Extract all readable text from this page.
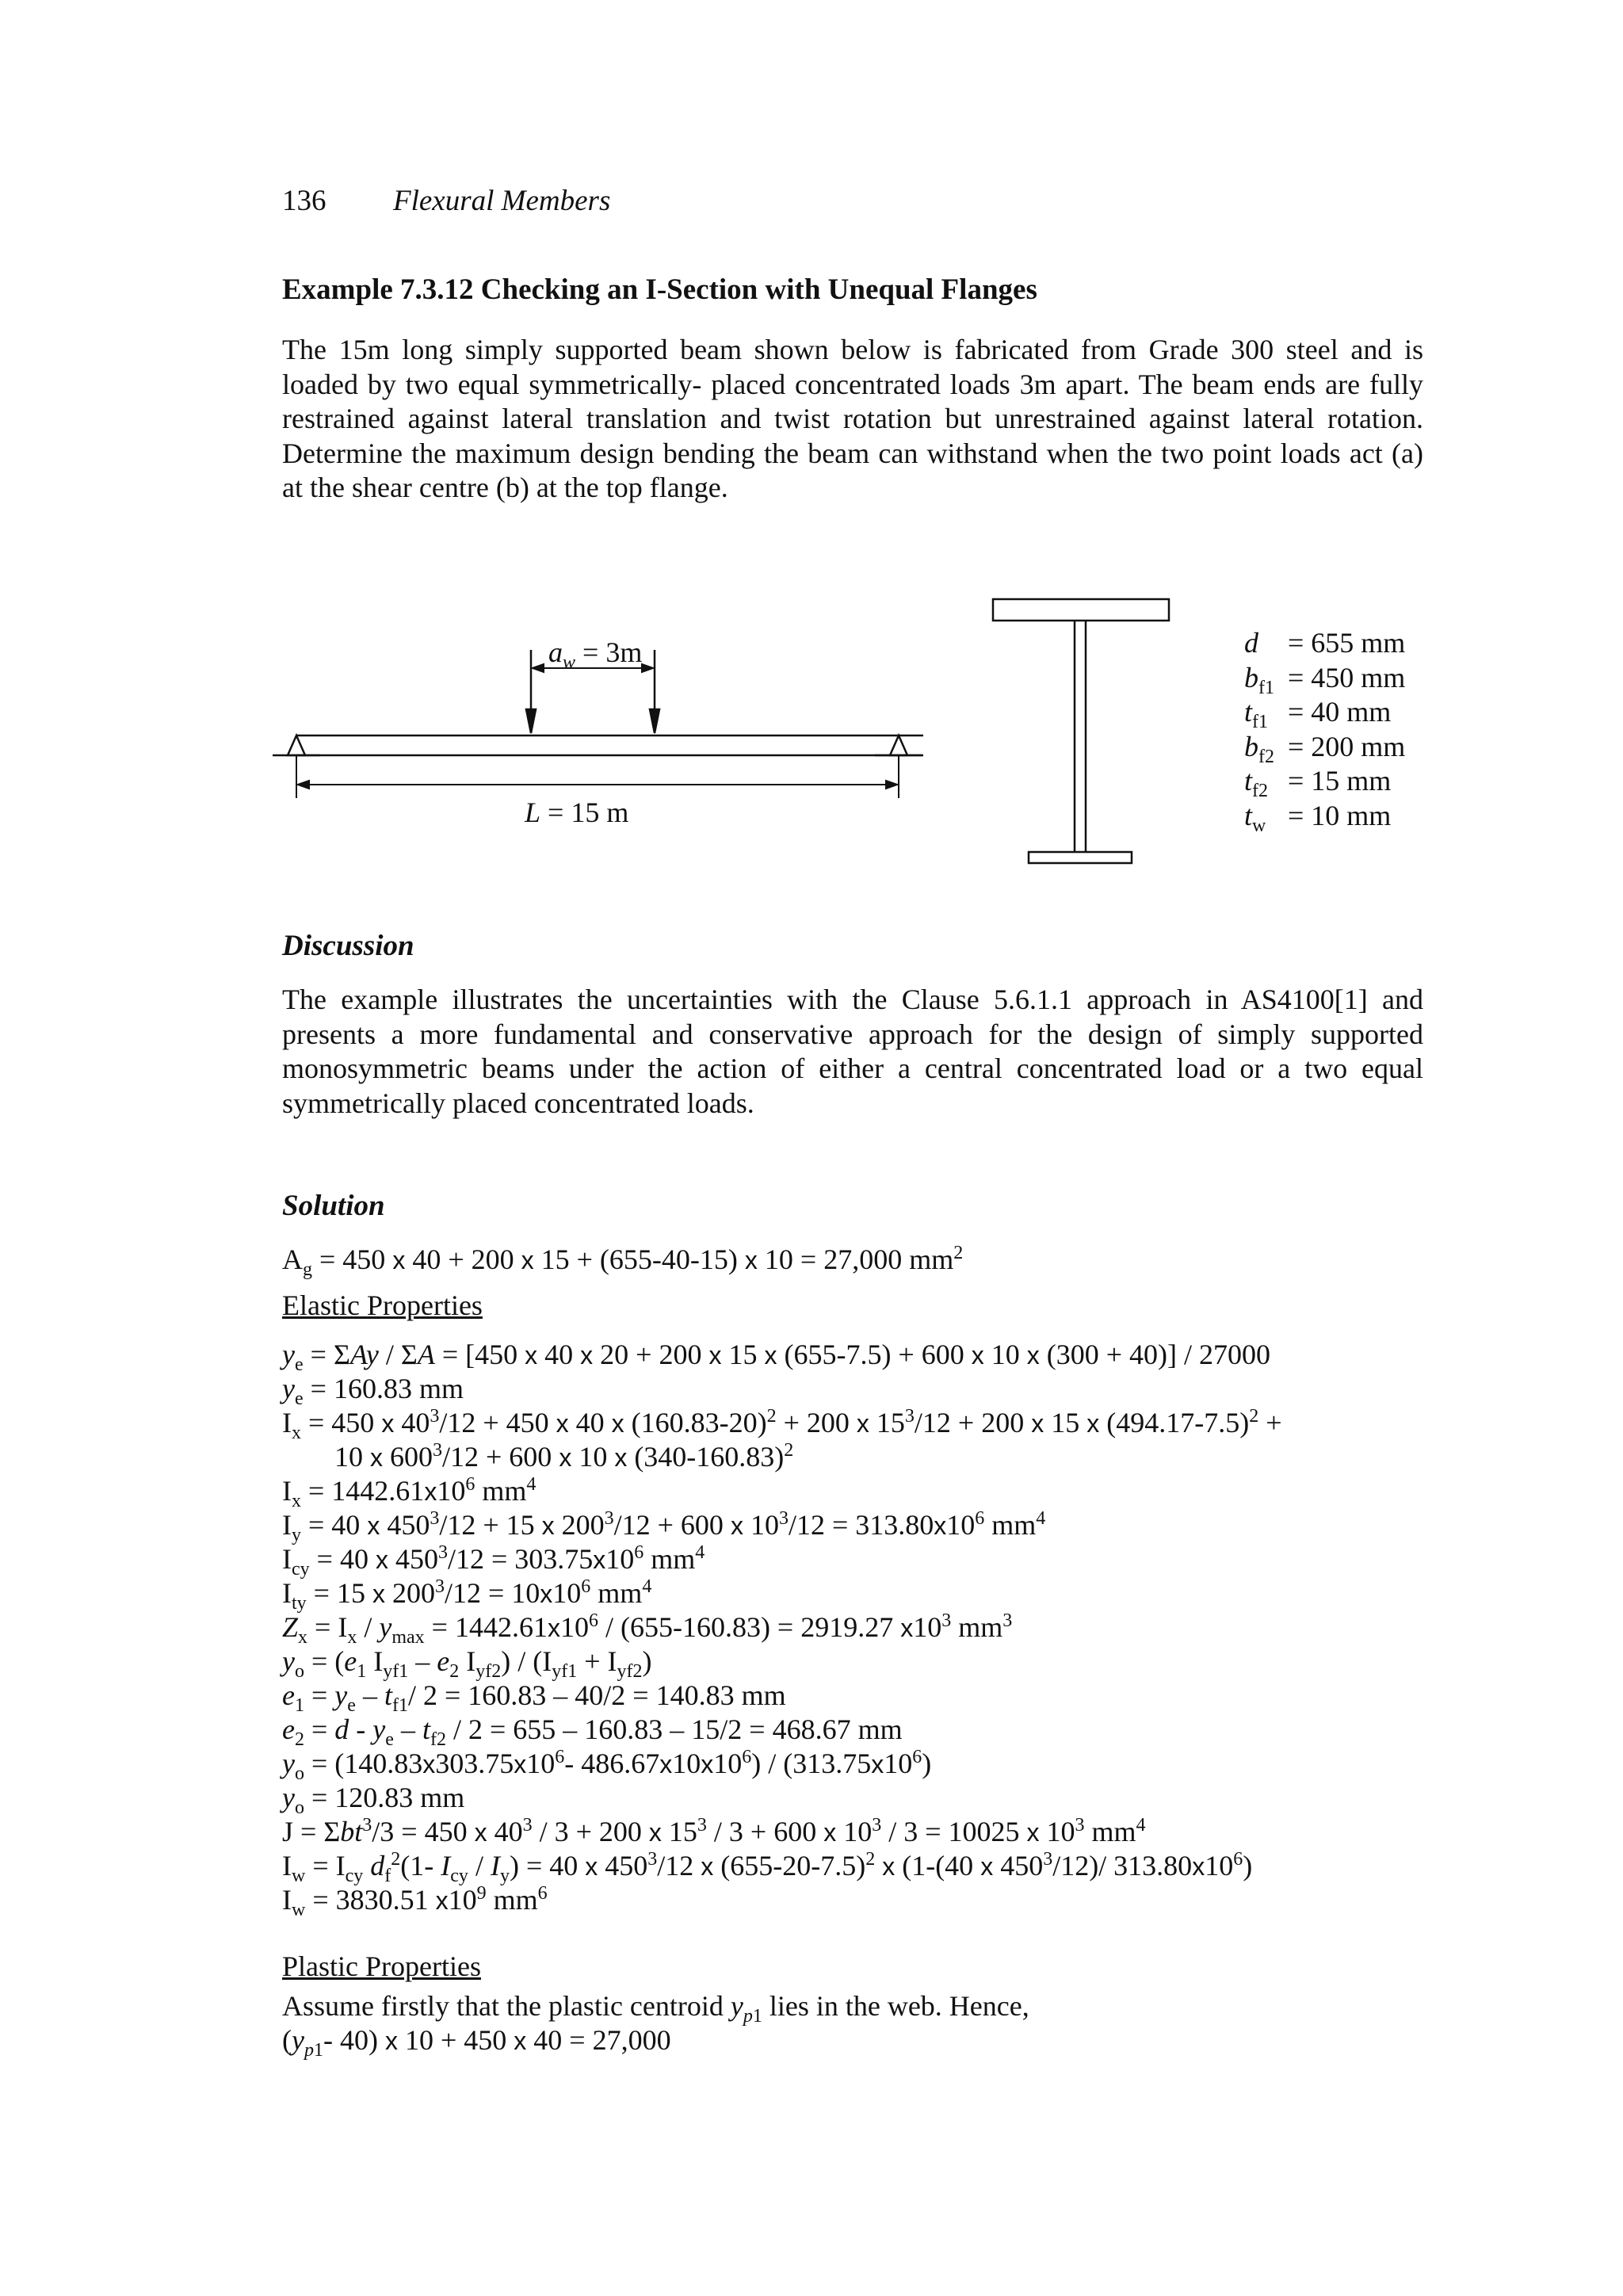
136 Flexural Members
Example 7.3.12 Checking an I-Section with Unequal Flanges
The 15m long simply supported beam shown below is fabricated from Grade 300 steel and is loaded by two equal symmetrically- placed concentrated loads 3m apart. The beam ends are fully restrained against lateral translation and twist rotation but unrestrained against lateral rotation. Determine the maximum design bending the beam can withstand when the two point loads act (a) at the shear centre (b) at the top flange.
$a_w = 3m$
L = 15 m
d = 655 mm
$b_{f1} = 450$ mm
$t_{f1} = 40$ mm
$b_{f2} = 200$ mm
$t_{f2} = 15$ mm
$t_w = 10$ mm
Discussion
The example illustrates the uncertainties with the Clause 5.6.1.1 approach in AS4100[1] and presents a more fundamental and conservative approach for the design of simply supported monosymmetric beams under the action of either a central concentrated load or a two equal symmetrically placed concentrated loads.
Solution
$A_g = 450$ x 40 + 200 x 15 + (655-40-15) x 10 = 27,000 $mm^2$
Elastic Properties
$y_e = \Sigma Ay / \Sigma A = [450$ x 40 x 20 + 200 x 15 x (655-7.5) + 600 x 10 x (300 + 40)] / 27000
$y_e = 160.83$ mm
$I_x = 450$ x $40^3/12 + 450$ x 40 x $(160.83-20)^2 + 200$ x $15^3/12 + 200$ x 15 x $(494.17-7.5)^2$ +
10 x $600^3/12 + 600$ x 10 x $(340-160.83)^2$
$I_x = 1442.61x10^6$ $mm^4$
$I_y = 40$ x $450^3/12 + 15$ x $200^3/12 + 600$ x $10^3/12 = 313.80x10^6$ $mm^4$
$I_{cy} = 40$ x $450^3/12 = 303.75x10^6$ $mm^4$
$I_{ty} = 15$ x $200^3/12 = 10x10^6$ $mm^4$
$Z_x = I_x / y_{max} = 1442.61x10^6 / (655-160.83) = 2919.27$ $x10^3$ $mm^3$
$y_o = (e_1$ $I_{yf1} - e_2$ $I_{yf2}) / (I_{yf1} + I_{yf2})$
$e_1 = y_e - t_{f1}/$ 2 = 160.83 – 40/2 = 140.83 mm
$e_2 = d - y_e - t_{f2} / 2 = 655 - 160.83 - 15/2 = 468.67$ mm
$y_o = (140.83x303.75x10^6-$ $486.67x10x10^6) / (313.75x10^6)$
$y_o = 120.83$ mm
J = Σbt$^3$/3 = 450 x $40^3 / 3 + 200$ x $15^3 / 3 + 600$ x $10^3 / 3 = 10025$ x $10^3$ $mm^4$
$I_w = I_{cy}$ $d_f^2(1-$ $I_{cy} / I_y) = 40$ x $450^3/12$ x $(655-20-7.5)^2$ x (1-(40 x $450^3/12)/$ $313.80x10^6$)
$I_w = 3830.51$ $x10^9$ $mm^6$
Plastic Properties
Assume firstly that the plastic centroid $y_{p1}$ lies in the web. Hence,
($y_{p1}-$ 40) x 10 + 450 x 40 = 27,000
